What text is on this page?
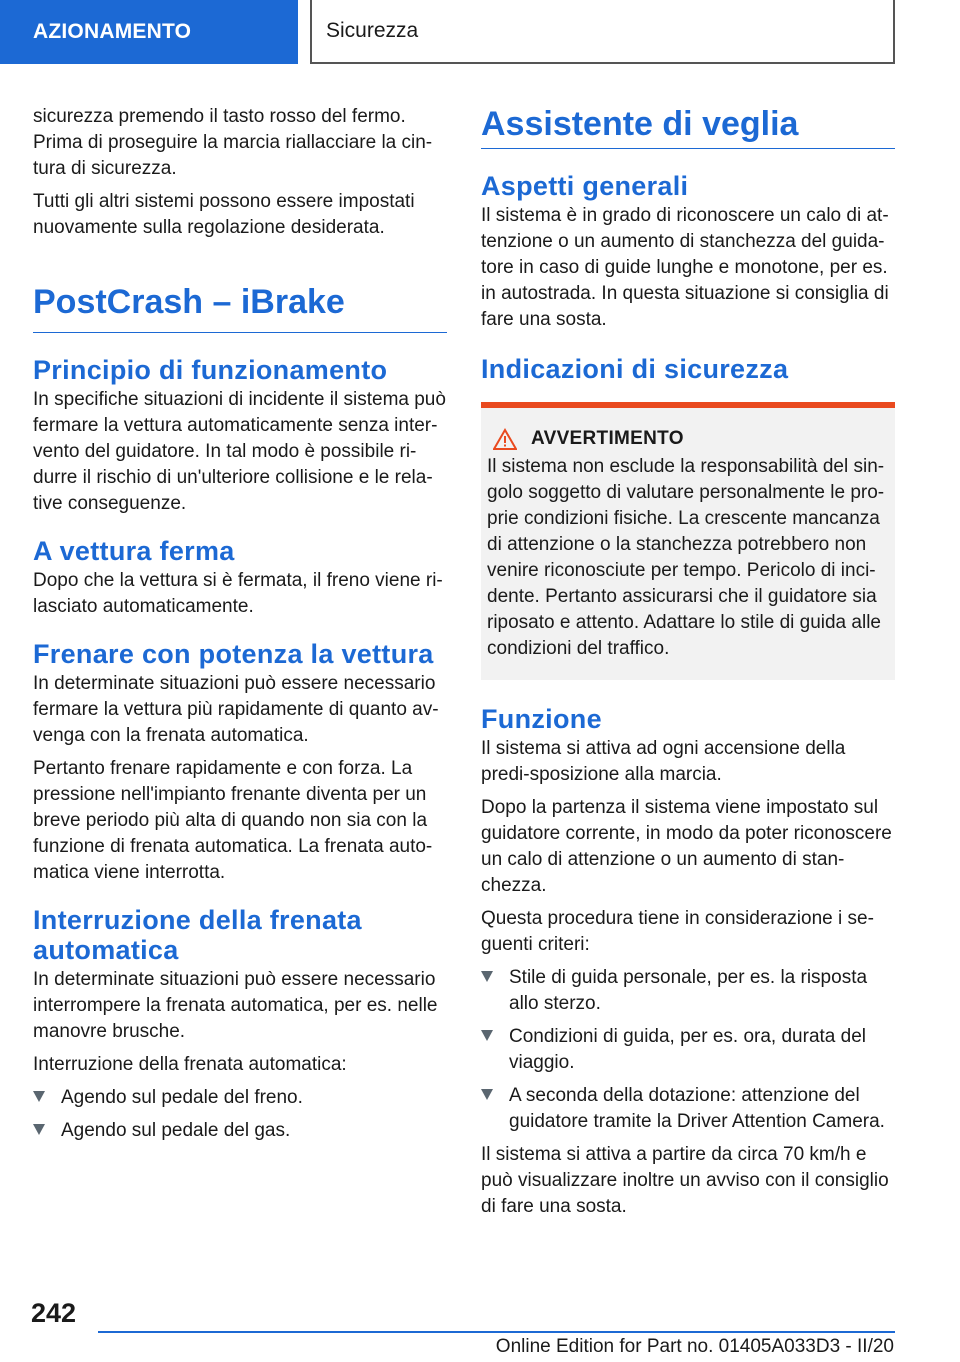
AZIONAMENTO	Sicurezza

sicurezza premendo il tasto rosso del fermo. Prima di proseguire la marcia riallacciare la cin-tura di sicurezza.

Tutti gli altri sistemi possono essere impostati nuovamente sulla regolazione desiderata.

PostCrash – iBrake
Principio di funzionamento

In specifiche situazioni di incidente il sistema può fermare la vettura automaticamente senza inter-vento del guidatore. In tal modo è possibile ri-durre il rischio di un'ulteriore collisione e le rela-tive conseguenze.

A vettura ferma

Dopo che la vettura si è fermata, il freno viene ri-lasciato automaticamente.

Frenare con potenza la vettura

In determinate situazioni può essere necessario fermare la vettura più rapidamente di quanto av-venga con la frenata automatica.

Pertanto frenare rapidamente e con forza. La pressione nell'impianto frenante diventa per un breve periodo più alta di quando non sia con la funzione di frenata automatica. La frenata auto-matica viene interrotta.

Interruzione della frenata automatica

In determinate situazioni può essere necessario interrompere la frenata automatica, per es. nelle manovre brusche.

Interruzione della frenata automatica:

Agendo sul pedale del freno.
Agendo sul pedale del gas.
Assistente di veglia
Aspetti generali

Il sistema è in grado di riconoscere un calo di at-tenzione o un aumento di stanchezza del guida-tore in caso di guide lunghe e monotone, per es. in autostrada. In questa situazione si consiglia di fare una sosta.

Indicazioni di sicurezza
AVVERTIMENTO

Il sistema non esclude la responsabilità del sin-golo soggetto di valutare personalmente le pro-prie condizioni fisiche. La crescente mancanza di attenzione o la stanchezza potrebbero non venire riconosciute per tempo. Pericolo di inci-dente. Pertanto assicurarsi che il guidatore sia riposato e attento. Adattare lo stile di guida alle condizioni del traffico.

Funzione

Il sistema si attiva ad ogni accensione della predi-sposizione alla marcia.

Dopo la partenza il sistema viene impostato sul guidatore corrente, in modo da poter riconoscere un calo di attenzione o un aumento di stan-chezza.

Questa procedura tiene in considerazione i se-guenti criteri:

Stile di guida personale, per es. la risposta allo sterzo.
Condizioni di guida, per es. ora, durata del viaggio.
A seconda della dotazione: attenzione del guidatore tramite la Driver Attention Camera.

Il sistema si attiva a partire da circa 70 km/h e può visualizzare inoltre un avviso con il consiglio di fare una sosta.

242
Online Edition for Part no. 01405A033D3 - II/20
